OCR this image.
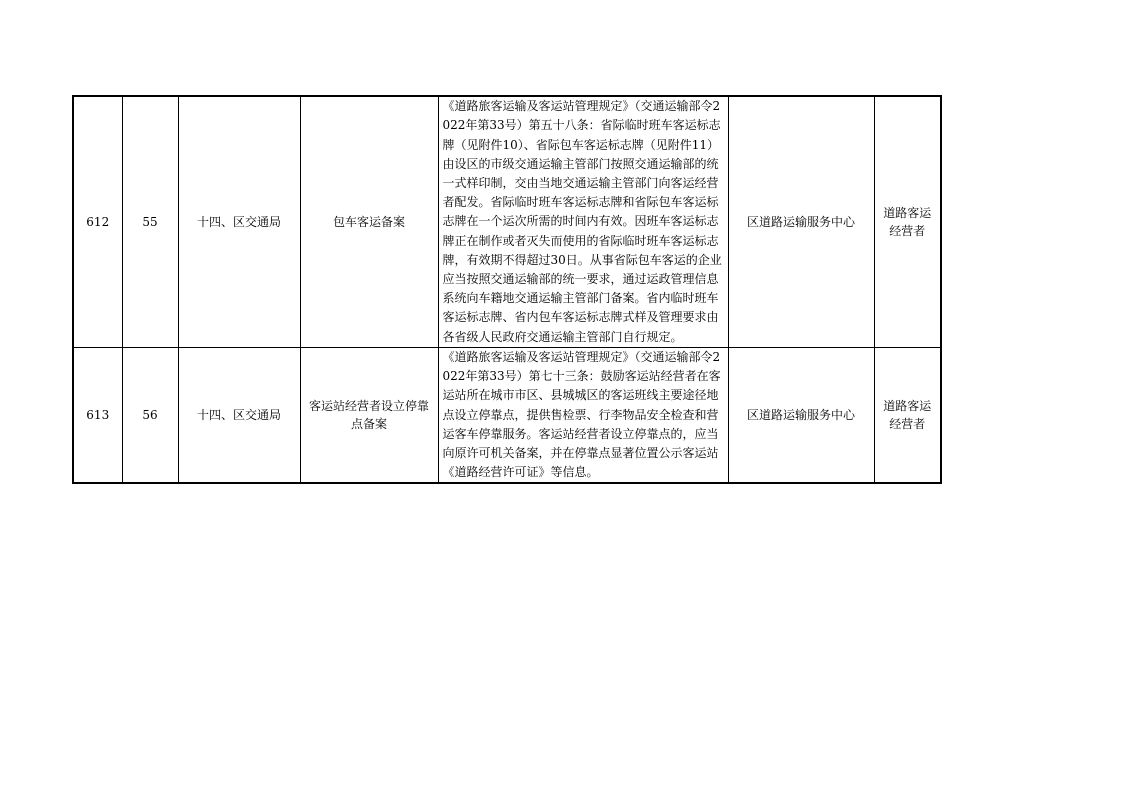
612	55	十四、区交通局	包车客运备案	《道路旅客运输及客运站管理规定》（交通运输部令2022年第33号）第五十八条：省际临时班车客运标志牌（见附件10）、省际包车客运标志牌（见附件11）由设区的市级交通运输主管部门按照交通运输部的统一式样印制，交由当地交通运输主管部门向客运经营者配发。省际临时班车客运标志牌和省际包车客运标志牌在一个运次所需的时间内有效。因班车客运标志牌正在制作或者灭失而使用的省际临时班车客运标志牌，有效期不得超过30日。从事省际包车客运的企业应当按照交通运输部的统一要求，通过运政管理信息系统向车籍地交通运输主管部门备案。省内临时班车客运标志牌、省内包车客运标志牌式样及管理要求由各省级人民政府交通运输主管部门自行规定。	区道路运输服务中心	道路客运经营者
613	56	十四、区交通局	客运站经营者设立停靠点备案	《道路旅客运输及客运站管理规定》（交通运输部令2022年第33号）第七十三条：鼓励客运站经营者在客运站所在城市市区、县城城区的客运班线主要途径地点设立停靠点，提供售检票、行李物品安全检查和营运客车停靠服务。客运站经营者设立停靠点的，应当向原许可机关备案，并在停靠点显著位置公示客运站《道路经营许可证》等信息。	区道路运输服务中心	道路客运经营者
